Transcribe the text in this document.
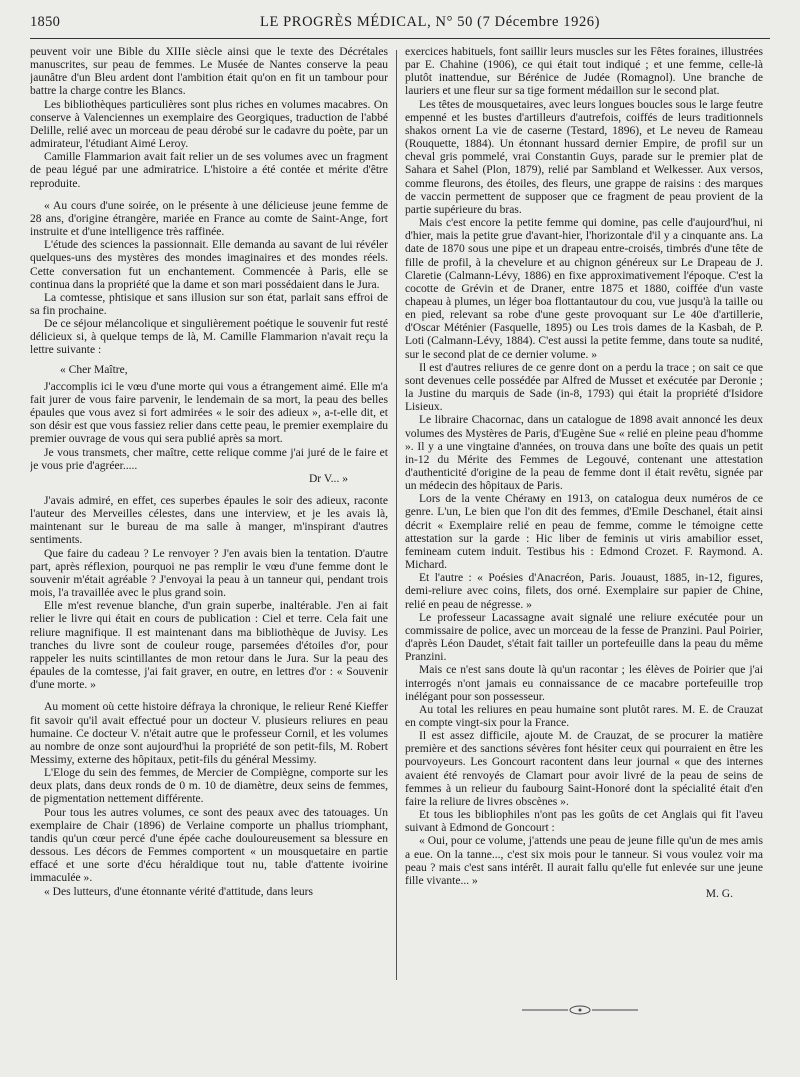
1850	LE PROGRÈS MÉDICAL, N° 50 (7 Décembre 1926)

peuvent voir une Bible du XIIIe siècle ainsi que le texte des Décrétales manuscrites, sur peau de femmes. Le Musée de Nantes conserve la peau jaunâtre d'un Bleu ardent dont l'ambition était qu'on en fit un tambour pour battre la charge contre les Blancs.

Les bibliothèques particulières sont plus riches en volumes macabres. On conserve à Valenciennes un exemplaire des Georgiques, traduction de l'abbé Delille, relié avec un morceau de peau dérobé sur le cadavre du poète, par un admirateur, l'étudiant Aimé Leroy.

Camille Flammarion avait fait relier un de ses volumes avec un fragment de peau légué par une admiratrice. L'histoire a été contée et mérite d'être reproduite.

« Au cours d'une soirée, on le présente à une délicieuse jeune femme de 28 ans, d'origine étrangère, mariée en France au comte de Saint-Ange, fort instruite et d'une intelligence très raffinée.

L'étude des sciences la passionnait. Elle demanda au savant de lui révéler quelques-uns des mystères des mondes imaginaires et des mondes réels. Cette conversation fut un enchantement. Commencée à Paris, elle se continua dans la propriété que la dame et son mari possédaient dans le Jura.

La comtesse, phtisique et sans illusion sur son état, parlait sans effroi de sa fin prochaine.

De ce séjour mélancolique et singulièrement poétique le souvenir fut resté délicieux si, à quelque temps de là, M. Camille Flammarion n'avait reçu la lettre suivante :

« Cher Maître,

J'accomplis ici le vœu d'une morte qui vous a étrangement aimé. Elle m'a fait jurer de vous faire parvenir, le lendemain de sa mort, la peau des belles épaules que vous avez si fort admirées « le soir des adieux », a-t-elle dit, et son désir est que vous fassiez relier dans cette peau, le premier exemplaire du premier ouvrage de vous qui sera publié après sa mort.

Je vous transmets, cher maître, cette relique comme j'ai juré de le faire et je vous prie d'agréer.....

Dr V... »

J'avais admiré, en effet, ces superbes épaules le soir des adieux, raconte l'auteur des Merveilles célestes, dans une interview, et je les avais là, maintenant sur le bureau de ma salle à manger, m'inspirant d'autres sentiments.

Que faire du cadeau ? Le renvoyer ? J'en avais bien la tentation. D'autre part, après réflexion, pourquoi ne pas remplir le vœu d'une femme dont le souvenir m'était agréable ? J'envoyai la peau à un tanneur qui, pendant trois mois, l'a travaillée avec le plus grand soin.

Elle m'est revenue blanche, d'un grain superbe, inaltérable. J'en ai fait relier le livre qui était en cours de publication : Ciel et terre. Cela fait une reliure magnifique. Il est maintenant dans ma bibliothèque de Juvisy. Les tranches du livre sont de couleur rouge, parsemées d'étoiles d'or, pour rappeler les nuits scintillantes de mon retour dans le Jura. Sur la peau des épaules de la comtesse, j'ai fait graver, en outre, en lettres d'or : « Souvenir d'une morte. »

Au moment où cette histoire défraya la chronique, le relieur René Kieffer fit savoir qu'il avait effectué pour un docteur V. plusieurs reliures en peau humaine. Ce docteur V. n'était autre que le professeur Cornil, et les volumes au nombre de onze sont aujourd'hui la propriété de son petit-fils, M. Robert Messimy, externe des hôpitaux, petit-fils du général Messimy.

L'Eloge du sein des femmes, de Mercier de Compiègne, comporte sur les deux plats, dans deux ronds de 0 m. 10 de diamètre, deux seins de femmes, de pigmentation nettement différente.

Pour tous les autres volumes, ce sont des peaux avec des tatouages. Un exemplaire de Chair (1896) de Verlaine comporte un phallus triomphant, tandis qu'un cœur percé d'une épée cache douloureusement sa blessure en dessous. Les décors de Femmes comportent « un mousquetaire en partie effacé et une sorte d'écu héraldique tout nu, table d'attente ivoirine immaculée ».

« Des lutteurs, d'une étonnante vérité d'attitude, dans leurs

exercices habituels, font saillir leurs muscles sur les Fêtes foraines, illustrées par E. Chahine (1906), ce qui était tout indiqué ; et une femme, celle-là plutôt inattendue, sur Bérénice de Judée (Romagnol). Une branche de lauriers et une fleur sur sa tige forment médaillon sur le second plat.

Les têtes de mousquetaires, avec leurs longues boucles sous le large feutre empenné et les bustes d'artilleurs d'autrefois, coiffés de leurs traditionnels shakos ornent La vie de caserne (Testard, 1896), et Le neveu de Rameau (Rouquette, 1884). Un étonnant hussard dernier Empire, de profil sur un cheval gris pommelé, vrai Constantin Guys, parade sur le premier plat de Sahara et Sahel (Plon, 1879), relié par Sambland et Welkesser. Aux versos, comme fleurons, des étoiles, des fleurs, une grappe de raisins : des marques de vaccin permettent de supposer que ce fragment de peau provient de la partie supérieure du bras.

Mais c'est encore la petite femme qui domine, pas celle d'aujourd'hui, ni d'hier, mais la petite grue d'avant-hier, l'horizontale d'il y a cinquante ans. La date de 1870 sous une pipe et un drapeau entre-croisés, timbrés d'une tête de fille de profil, à la chevelure et au chignon généreux sur Le Drapeau de J. Claretie (Calmann-Lévy, 1886) en fixe approximativement l'époque. C'est la cocotte de Grévin et de Draner, entre 1875 et 1880, coiffée d'un vaste chapeau à plumes, un léger boa flottantautour du cou, vue jusqu'à la taille ou en pied, relevant sa robe d'une geste provoquant sur Le 40e d'artillerie, d'Oscar Méténier (Fasquelle, 1895) ou Les trois dames de la Kasbah, de P. Loti (Calmann-Lévy, 1884). C'est aussi la petite femme, dans toute sa nudité, sur le second plat de ce dernier volume. »

Il est d'autres reliures de ce genre dont on a perdu la trace ; on sait ce que sont devenues celle possédée par Alfred de Musset et exécutée par Deronie ; la Justine du marquis de Sade (in-8, 1793) qui était la propriété d'Isidore Lisieux.

Le libraire Chacornac, dans un catalogue de 1898 avait annoncé les deux volumes des Mystères de Paris, d'Eugène Sue « relié en pleine peau d'homme ». Il y a une vingtaine d'années, on trouva dans une boîte des quais un petit in-12 du Mérite des Femmes de Legouvé, contenant une attestation d'authenticité d'origine de la peau de femme dont il était revêtu, signée par un médecin des hôpitaux de Paris.

Lors de la vente Chérамy en 1913, on catalogua deux numéros de ce genre. L'un, Le bien que l'on dit des femmes, d'Emile Deschanel, était ainsi décrit « Exemplaire relié en peau de femme, comme le témoigne cette attestation sur la garde : Hic liber de feminis ut viris amabilior esset, femineam cutem induit. Testibus his : Edmond Crozet. F. Raymond. A. Michard.

Et l'autre : « Poésies d'Anacréon, Paris. Jouaust, 1885, in-12, figures, demi-reliure avec coins, filets, dos orné. Exemplaire sur papier de Chine, relié en peau de négresse. »

Le professeur Lacassagne avait signalé une reliure exécutée pour un commissaire de police, avec un morceau de la fesse de Pranzini. Paul Poirier, d'après Léon Daudet, s'était fait tailler un portefeuille dans la peau du même Pranzini.

Mais ce n'est sans doute là qu'un racontar ; les élèves de Poirier que j'ai interrogés n'ont jamais eu connaissance de ce macabre portefeuille trop inélégant pour son possesseur.

Au total les reliures en peau humaine sont plutôt rares. M. E. de Crauzat en compte vingt-six pour la France.

Il est assez difficile, ajoute M. de Crauzat, de se procurer la matière première et des sanctions sévères font hésiter ceux qui pourraient en être les pourvoyeurs. Les Goncourt racontent dans leur journal « que des internes avaient été renvoyés de Clamart pour avoir livré de la peau de seins de femmes à un relieur du faubourg Saint-Honoré dont la spécialité était d'en faire la reliure de livres obscènes ».

Et tous les bibliophiles n'ont pas les goûts de cet Anglais qui fit l'aveu suivant à Edmond de Goncourt :

« Oui, pour ce volume, j'attends une peau de jeune fille qu'un de mes amis a eue. On la tanne..., c'est six mois pour le tanneur. Si vous voulez voir ma peau ? mais c'est sans intérêt. Il aurait fallu qu'elle fut enlevée sur une jeune fille vivante... »

M. G.
